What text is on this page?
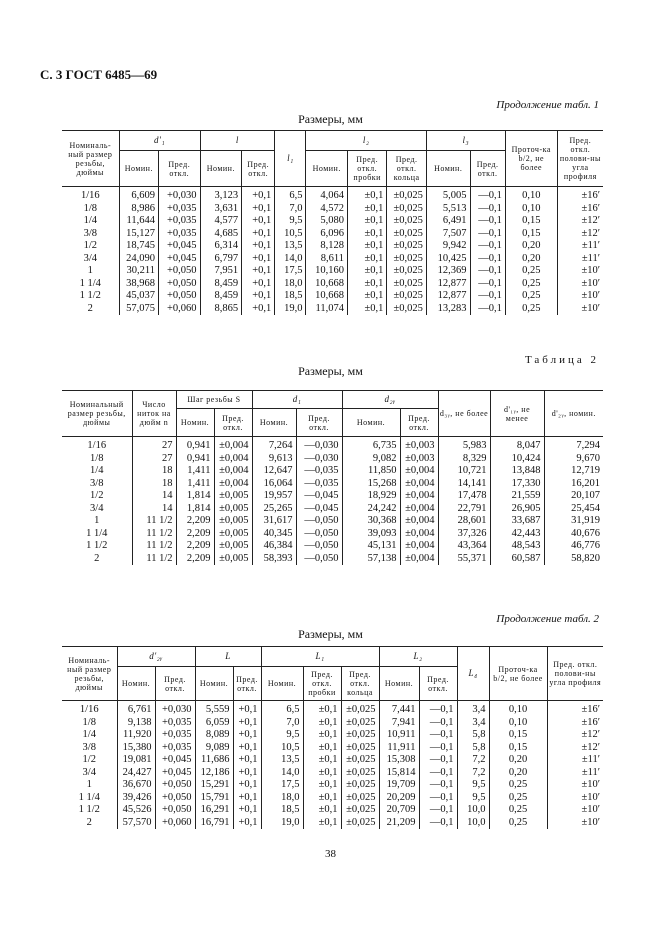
С. 3 ГОСТ 6485—69
Продолжение табл. 1
Размеры, мм
Номиналь-ный размер резьбы, дюймы	d'₁		l		l₁	l₂			l₃		Проточ-ка b/2, не более	Пред. откл. полови-ны угла профиля
	Номин.	Пред. откл.	Номин.	Пред. откл.		Номин.	Пред. откл. пробки	Пред. откл. кольца	Номин.	Пред. откл.		
1/16	6,609	+0,030	3,123	+0,1	6,5	4,064	±0,1	±0,025	5,005	—0,1	0,10	±16′
1/8	8,986	+0,035	3,631	+0,1	7,0	4,572	±0,1	±0,025	5,513	—0,1	0,10	±16′
1/4	11,644	+0,035	4,577	+0,1	9,5	5,080	±0,1	±0,025	6,491	—0,1	0,15	±12′
3/8	15,127	+0,035	4,685	+0,1	10,5	6,096	±0,1	±0,025	7,507	—0,1	0,15	±12′
1/2	18,745	+0,045	6,314	+0,1	13,5	8,128	±0,1	±0,025	9,942	—0,1	0,20	±11′
3/4	24,090	+0,045	6,797	+0,1	14,0	8,611	±0,1	±0,025	10,425	—0,1	0,20	±11′
1	30,211	+0,050	7,951	+0,1	17,5	10,160	±0,1	±0,025	12,369	—0,1	0,25	±10′
1 1/4	38,968	+0,050	8,459	+0,1	18,0	10,668	±0,1	±0,025	12,877	—0,1	0,25	±10′
1 1/2	45,037	+0,050	8,459	+0,1	18,5	10,668	±0,1	±0,025	12,877	—0,1	0,25	±10′
2	57,075	+0,060	8,865	+0,1	19,0	11,074	±0,1	±0,025	13,283	—0,1	0,25	±10′
Таблица 2
Размеры, мм
Номинальный размер резьбы, дюймы	Число ниток на дюйм n	Шаг резьбы S		d₁		d₂ᵧ		d₃ᵧ, не более	d'₁ᵧ, не менее	d'₂ᵧ, номин.
		Номин.	Пред. откл.	Номин.	Пред. откл.	Номин.	Пред. откл.			
1/16	27	0,941	±0,004	7,264	—0,030	6,735	±0,003	5,983	8,047	7,294
1/8	27	0,941	±0,004	9,613	—0,030	9,082	±0,003	8,329	10,424	9,670
1/4	18	1,411	±0,004	12,647	—0,035	11,850	±0,004	10,721	13,848	12,719
3/8	18	1,411	±0,004	16,064	—0,035	15,268	±0,004	14,141	17,330	16,201
1/2	14	1,814	±0,005	19,957	—0,045	18,929	±0,004	17,478	21,559	20,107
3/4	14	1,814	±0,005	25,265	—0,045	24,242	±0,004	22,791	26,905	25,454
1	11 1/2	2,209	±0,005	31,617	—0,050	30,368	±0,004	28,601	33,687	31,919
1 1/4	11 1/2	2,209	±0,005	40,345	—0,050	39,093	±0,004	37,326	42,443	40,676
1 1/2	11 1/2	2,209	±0,005	46,384	—0,050	45,131	±0,004	43,364	48,543	46,776
2	11 1/2	2,209	±0,005	58,393	—0,050	57,138	±0,004	55,371	60,587	58,820
Продолжение табл. 2
Размеры, мм
Номиналь-ный размер резьбы, дюймы	d'₂ᵧ		L		L₁			L₂		L₄	Проточ-ка b/2, не более	Пред. откл. полови-ны угла профиля
	Номин.	Пред. откл.	Номин.	Пред. откл.	Номин.	Пред. откл. пробки	Пред. откл. кольца	Номин.	Пред. откл.			
1/16	6,761	+0,030	5,559	+0,1	6,5	±0,1	±0,025	7,441	—0,1	3,4	0,10	±16′
1/8	9,138	+0,035	6,059	+0,1	7,0	±0,1	±0,025	7,941	—0,1	3,4	0,10	±16′
1/4	11,920	+0,035	8,089	+0,1	9,5	±0,1	±0,025	10,911	—0,1	5,8	0,15	±12′
3/8	15,380	+0,035	9,089	+0,1	10,5	±0,1	±0,025	11,911	—0,1	5,8	0,15	±12′
1/2	19,081	+0,045	11,686	+0,1	13,5	±0,1	±0,025	15,308	—0,1	7,2	0,20	±11′
3/4	24,427	+0,045	12,186	+0,1	14,0	±0,1	±0,025	15,814	—0,1	7,2	0,20	±11′
1	36,670	+0,050	15,291	+0,1	17,5	±0,1	±0,025	19,709	—0,1	9,5	0,25	±10′
1 1/4	39,426	+0,050	15,791	+0,1	18,0	±0,1	±0,025	20,209	—0,1	9,5	0,25	±10′
1 1/2	45,526	+0,050	16,291	+0,1	18,5	±0,1	±0,025	20,709	—0,1	10,0	0,25	±10′
2	57,570	+0,060	16,791	+0,1	19,0	±0,1	±0,025	21,209	—0,1	10,0	0,25	±10′
38
